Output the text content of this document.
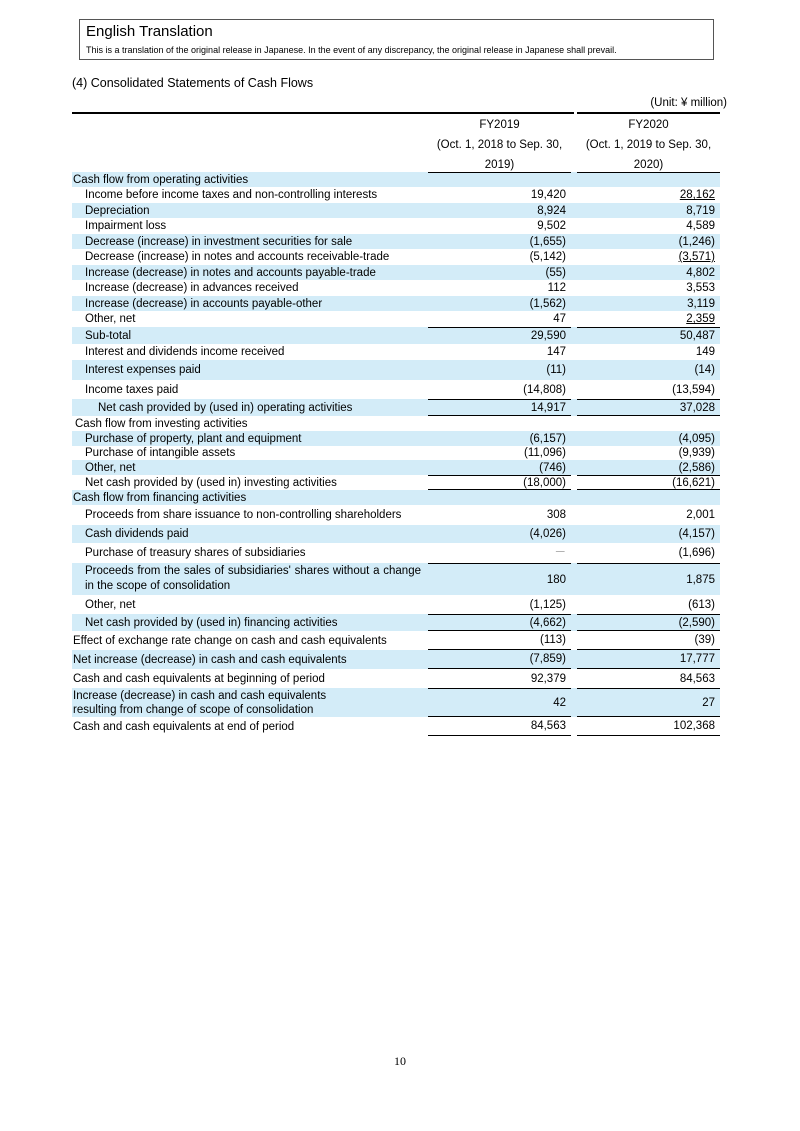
English Translation
This is a translation of the original release in Japanese. In the event of any discrepancy, the original release in Japanese shall prevail.
(4) Consolidated Statements of Cash Flows
(Unit: ¥ million)
FY2019
(Oct. 1, 2018 to Sep. 30,
2019)
FY2020
(Oct. 1, 2019 to Sep. 30,
2020)
Cash flow from operating activities
Income before income taxes and non-controlling interests	19,420	28,162
Depreciation	8,924	8,719
Impairment loss	9,502	4,589
Decrease (increase) in investment securities for sale	(1,655)	(1,246)
Decrease (increase) in notes and accounts receivable-trade	(5,142)	(3,571)
Increase (decrease) in notes and accounts payable-trade	(55)	4,802
Increase (decrease) in advances received	112	3,553
Increase (decrease) in accounts payable-other	(1,562)	3,119
Other, net	47	2,359
Sub-total	29,590	50,487
Interest and dividends income received	147	149
Interest expenses paid	(11)	(14)
Income taxes paid	(14,808)	(13,594)
Net cash provided by (used in) operating activities	14,917	37,028
Cash flow from investing activities
Purchase of property, plant and equipment	(6,157)	(4,095)
Purchase of intangible assets	(11,096)	(9,939)
Other, net	(746)	(2,586)
Net cash provided by (used in) investing activities	(18,000)	(16,621)
Cash flow from financing activities
Proceeds from share issuance to non-controlling shareholders	308	2,001
Cash dividends paid	(4,026)	(4,157)
Purchase of treasury shares of subsidiaries	－	(1,696)
Proceeds from the sales of subsidiaries' shares without a change in the scope of consolidation
180	1,875
Other, net	(1,125)	(613)
Net cash provided by (used in) financing activities	(4,662)	(2,590)
Effect of exchange rate change on cash and cash equivalents	(113)	(39)
Net increase (decrease) in cash and cash equivalents	(7,859)	17,777
Cash and cash equivalents at beginning of period	92,379	84,563
Increase (decrease) in cash and cash equivalents
resulting from change of scope of consolidation
42	27
Cash and cash equivalents at end of period	84,563	102,368
10
